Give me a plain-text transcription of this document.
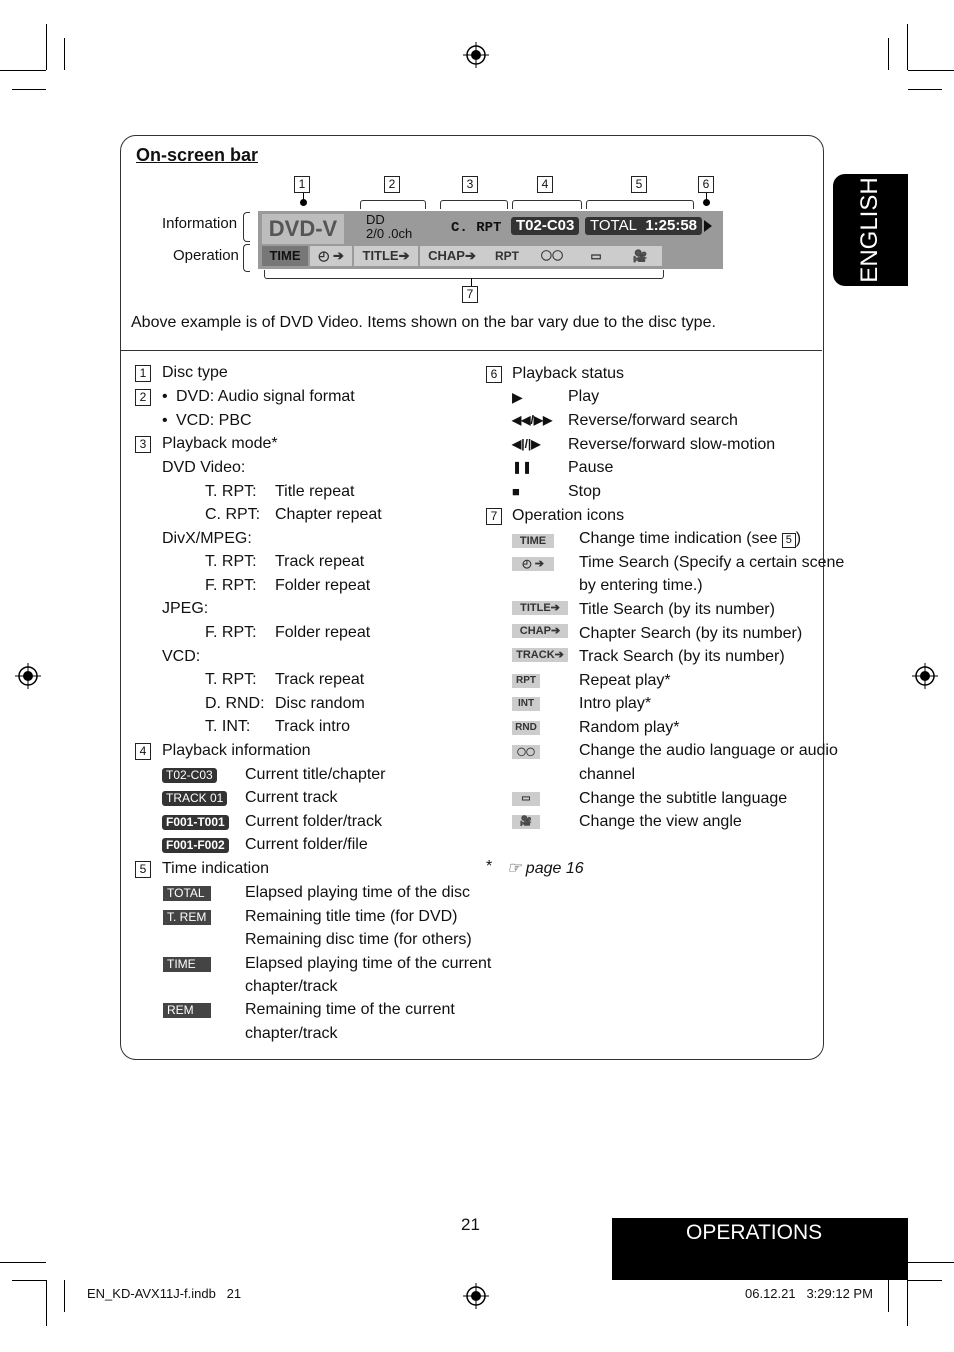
ENGLISH
On-screen bar
1	2	3	4	5	6
7
Information
Operation
DVD-V	DD
2/0 .0ch	C. RPT T02-C03	TOTAL 1:25:58
TIME	◴ ➔	TITLE➔	CHAP➔	RPT	◯◯	▭	🎥
Above example is of DVD Video. Items shown on the bar vary due to the disc type.
1 Disc type
2 • DVD: Audio signal format
• VCD: PBC
3 Playback mode*
DVD Video:
T. RPT: Title repeat
C. RPT: Chapter repeat
DivX/MPEG:
T. RPT: Track repeat
F. RPT: Folder repeat
JPEG:
F. RPT: Folder repeat
VCD:
T. RPT: Track repeat
D. RND: Disc random
T. INT: Track intro
4 Playback information
T02-C03 Current title/chapter
TRACK 01 Current track
F001-T001 Current folder/track
F001-F002 Current folder/file
5 Time indication
TOTAL	Elapsed playing time of the disc
T. REM Remaining title time (for DVD)
Remaining disc time (for others)
TIME	Elapsed playing time of the current
chapter/track
REM	Remaining time of the current
chapter/track
6 Playback status
▶	Play
◀◀/▶▶ Reverse/forward search
◀|/|▶ Reverse/forward slow-motion
❚❚ Pause
■	Stop
7 Operation icons
TIME	Change time indication (see 5 )
◴ ➔	Time Search (Specify a certain scene
by entering time.)
TITLE➔	Title Search (by its number)
CHAP➔	Chapter Search (by its number)
TRACK➔ Track Search (by its number)
RPT	Repeat play*
INT	Intro play*
RND	Random play*
◯◯	Change the audio language or audio
channel
▭	Change the subtitle language
🎥	Change the view angle
* ☞ page 16
21	OPERATIONS
EN_KD-AVX11J-f.indb   21	06.12.21   3:29:12 PM
